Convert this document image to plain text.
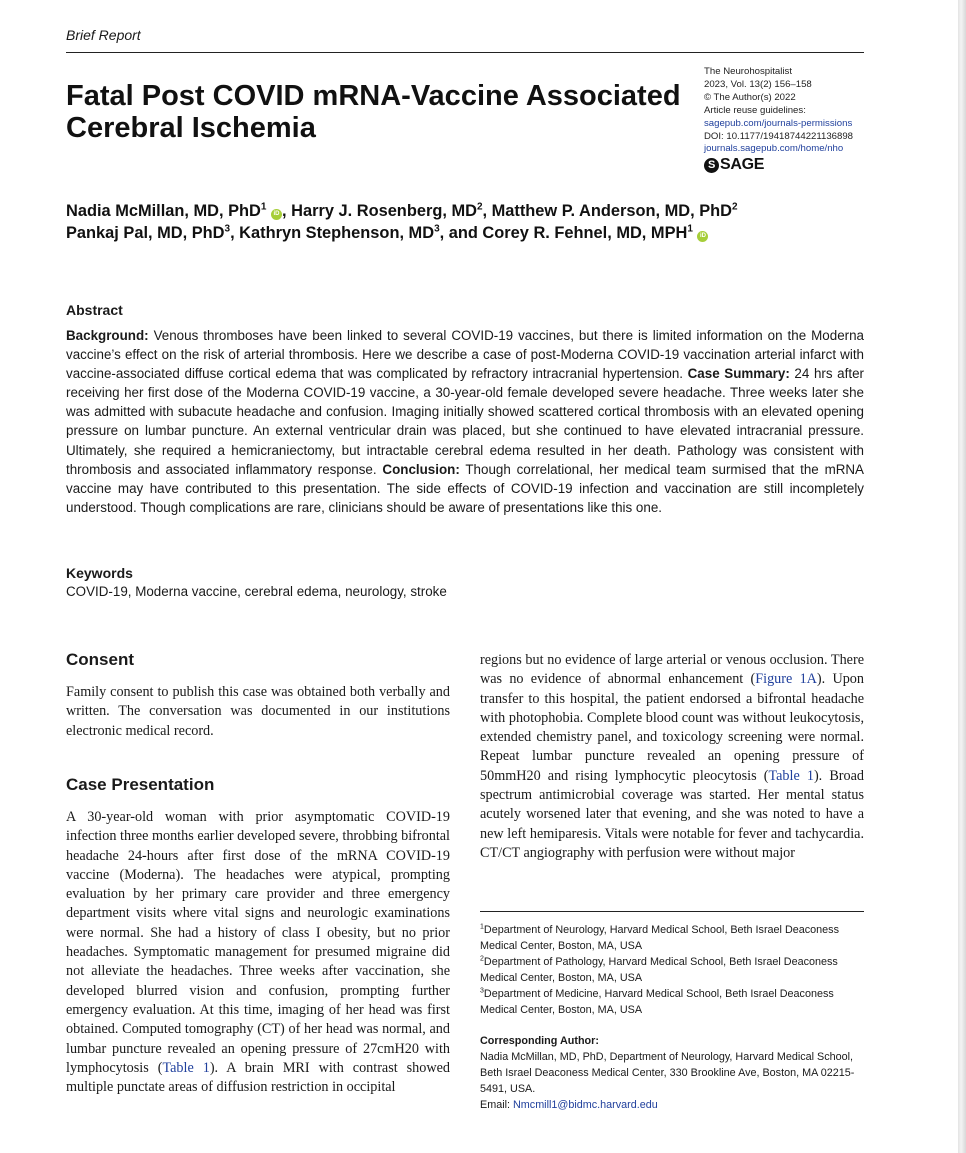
Brief Report
Fatal Post COVID mRNA-Vaccine Associated Cerebral Ischemia
The Neurohospitalist
2023, Vol. 13(2) 156–158
© The Author(s) 2022
Article reuse guidelines:
sagepub.com/journals-permissions
DOI: 10.1177/19418744221136898
journals.sagepub.com/home/nho
S SAGE
Nadia McMillan, MD, PhD$^1$ iD , Harry J. Rosenberg, $MD^2$, Matthew P. Anderson, MD, PhD$^2$
Pankaj Pal, MD, PhD$^3$, Kathryn Stephenson, $MD^3$, and Corey R. Fehnel, MD, MPH$^1$ iD
Abstract

Background: Venous thromboses have been linked to several COVID-19 vaccines, but there is limited information on the Moderna vaccine’s effect on the risk of arterial thrombosis. Here we describe a case of post-Moderna COVID-19 vaccination arterial infarct with vaccine-associated diffuse cortical edema that was complicated by refractory intracranial hypertension. Case Summary: 24 hrs after receiving her first dose of the Moderna COVID-19 vaccine, a 30-year-old female developed severe headache. Three weeks later she was admitted with subacute headache and confusion. Imaging initially showed scattered cortical thrombosis with an elevated opening pressure on lumbar puncture. An external ventricular drain was placed, but she continued to have elevated intracranial pressure. Ultimately, she required a hemicraniectomy, but intractable cerebral edema resulted in her death. Pathology was consistent with thrombosis and associated inflammatory response. Conclusion: Though correlational, her medical team surmised that the mRNA vaccine may have contributed to this presentation. The side effects of COVID-19 infection and vaccination are still incompletely understood. Though complications are rare, clinicians should be aware of presentations like this one.

Keywords
COVID-19, Moderna vaccine, cerebral edema, neurology, stroke
Consent

Family consent to publish this case was obtained both verbally and written. The conversation was documented in our institutions electronic medical record.

Case Presentation

A 30-year-old woman with prior asymptomatic COVID-19 infection three months earlier developed severe, throbbing bifrontal headache 24-hours after first dose of the mRNA COVID-19 vaccine (Moderna). The headaches were atypical, prompting evaluation by her primary care provider and three emergency department visits where vital signs and neurologic examinations were normal. She had a history of class I obesity, but no prior headaches. Symptomatic management for presumed migraine did not alleviate the headaches. Three weeks after vaccination, she developed blurred vision and confusion, prompting further emergency evaluation. At this time, imaging of her head was first obtained. Computed tomography (CT) of her head was normal, and lumbar puncture revealed an opening pressure of 27cmH20 with lymphocytosis (Table 1). A brain MRI with contrast showed multiple punctate areas of diffusion restriction in occipital

regions but no evidence of large arterial or venous occlusion. There was no evidence of abnormal enhancement (Figure 1A). Upon transfer to this hospital, the patient endorsed a bifrontal headache with photophobia. Complete blood count was without leukocytosis, extended chemistry panel, and toxicology screening were normal. Repeat lumbar puncture revealed an opening pressure of 50mmH20 and rising lymphocytic pleocytosis (Table 1). Broad spectrum antimicrobial coverage was started. Her mental status acutely worsened later that evening, and she was noted to have a new left hemiparesis. Vitals were notable for fever and tachycardia. CT/CT angiography with perfusion were without major

$^1$Department of Neurology, Harvard Medical School, Beth Israel Deaconess Medical Center, Boston, MA, USA
$^2$Department of Pathology, Harvard Medical School, Beth Israel Deaconess Medical Center, Boston, MA, USA
$^3$Department of Medicine, Harvard Medical School, Beth Israel Deaconess Medical Center, Boston, MA, USA
Corresponding Author:
Nadia McMillan, MD, PhD, Department of Neurology, Harvard Medical School, Beth Israel Deaconess Medical Center, 330 Brookline Ave, Boston, MA 02215-5491, USA.
Email: Nmcmill1@bidmc.harvard.edu
